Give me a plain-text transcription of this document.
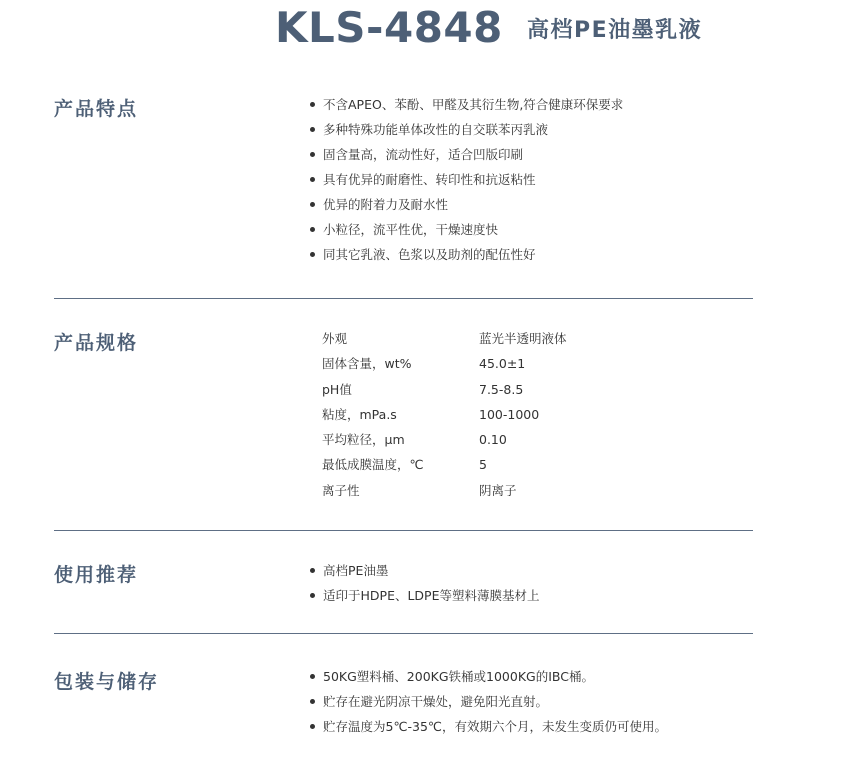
KLS-4848 高档PE油墨乳液
产品特点	不含APEO、苯酚、甲醛及其衍生物,符合健康环保要求
多种特殊功能单体改性的自交联苯丙乳液
固含量高，流动性好，适合凹版印刷
具有优异的耐磨性、转印性和抗返粘性
优异的附着力及耐水性
小粒径，流平性优，干燥速度快
同其它乳液、色浆以及助剂的配伍性好
产品规格	外观	蓝光半透明液体
固体含量，wt%	45.0±1
pH值	7.5-8.5
粘度，mPa.s	100-1000
平均粒径，μm	0.10
最低成膜温度，℃	5
离子性	阴离子
使用推荐	高档PE油墨
适印于HDPE、LDPE等塑料薄膜基材上
包装与储存	50KG塑料桶、200KG铁桶或1000KG的IBC桶。
贮存在避光阴凉干燥处，避免阳光直射。
贮存温度为5℃-35℃，有效期六个月，未发生变质仍可使用。
